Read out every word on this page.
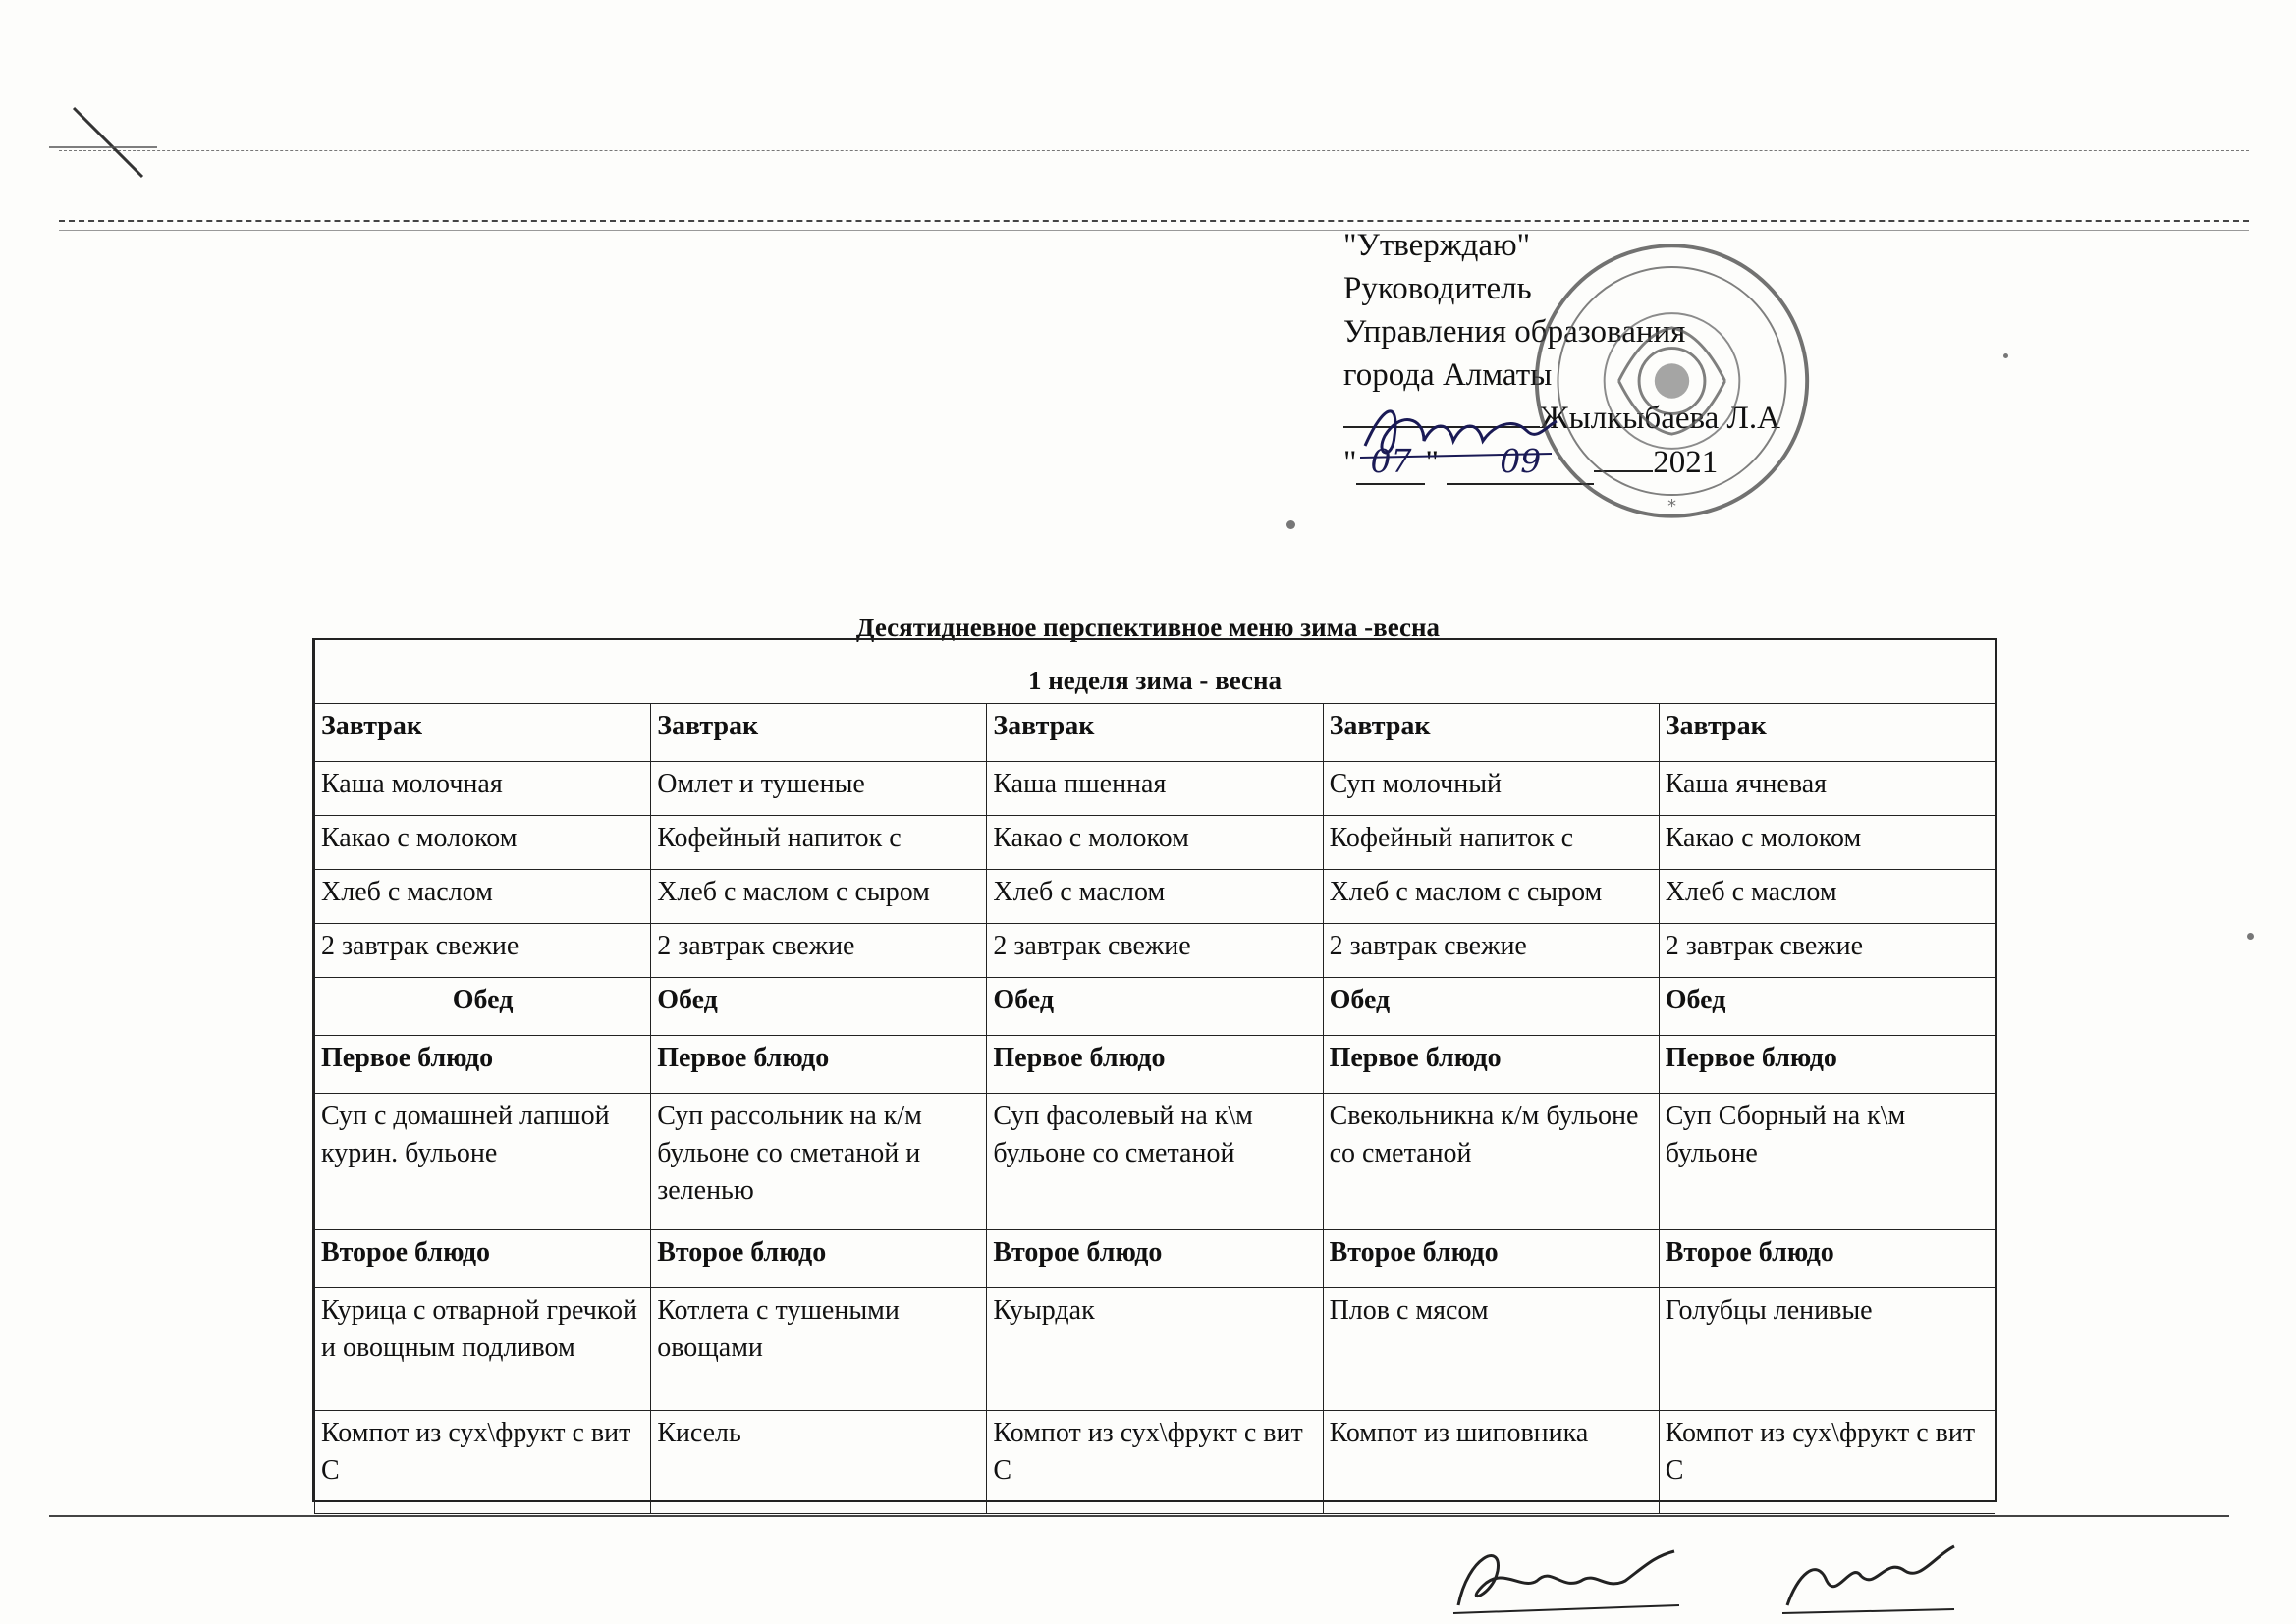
"Утверждаю"
Руководитель
Управления образования
города Алматы
Жылкыбаева Л.А
" 07 " 09	2021
*
Десятидневное перспективное меню зима -весна
1 неделя зима - весна				
Завтрак	Завтрак	Завтрак	Завтрак	Завтрак
Каша молочная	Омлет и тушеные	Каша пшенная	Суп молочный	Каша ячневая
Какао с молоком	Кофейный напиток с	Какао с молоком	Кофейный напиток с	Какао с молоком
Хлеб с маслом	Хлеб с маслом с сыром	Хлеб с маслом	Хлеб с маслом с сыром	Хлеб с маслом
2 завтрак свежие	2 завтрак свежие	2 завтрак свежие	2 завтрак свежие	2 завтрак свежие
Обед	Обед	Обед	Обед	Обед
Первое блюдо	Первое блюдо	Первое блюдо	Первое блюдо	Первое блюдо
Суп с домашней лапшой курин. бульоне	Суп рассольник на к/м бульоне со сметаной и зеленью	Суп фасолевый на к\м бульоне со сметаной	Свекольникна к/м бульоне со сметаной	Суп Сборный на к\м бульоне
Второе блюдо	Второе блюдо	Второе блюдо	Второе блюдо	Второе блюдо
Курица с отварной гречкой и овощным подливом	Котлета с тушеными овощами	Куырдак	Плов с мясом	Голубцы ленивые
Компот из сух\фрукт с вит С	Кисель	Компот из сух\фрукт с вит С	Компот из шиповника	Компот из сух\фрукт с вит С
